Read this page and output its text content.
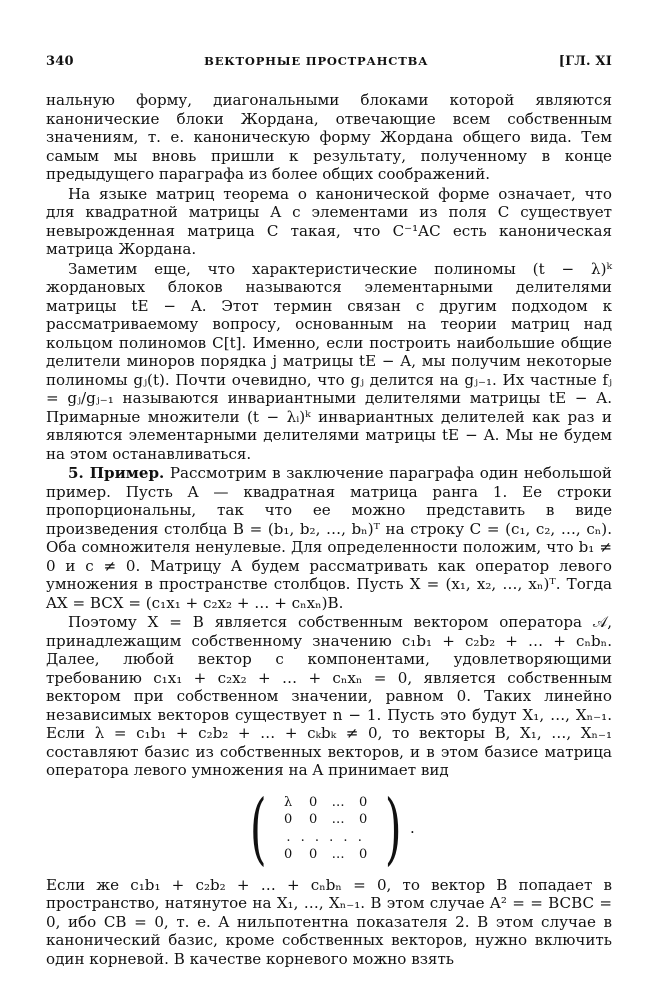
340	ВЕКТОРНЫЕ ПРОСТРАНСТВА	[ГЛ. XI

нальную форму, диагональными блоками которой являются канонические блоки Жордана, отвечающие всем собственным значениям, т. е. каноническую форму Жордана общего вида. Тем самым мы вновь пришли к результату, полученному в конце предыдущего параграфа из более общих соображений.

На языке матриц теорема о канонической форме означает, что для квадратной матрицы A с элементами из поля C существует невырожденная матрица C такая, что C⁻¹AC есть каноническая матрица Жордана.

Заметим еще, что характеристические полиномы (t − λ)ᵏ жордановых блоков называются элементарными делителями матрицы tE − A. Этот термин связан с другим подходом к рассматриваемому вопросу, основанным на теории матриц над кольцом полиномов C[t]. Именно, если построить наибольшие общие делители миноров порядка j матрицы tE − A, мы получим некоторые полиномы gⱼ(t). Почти очевидно, что gⱼ делится на gⱼ₋₁. Их частные fⱼ = gⱼ/gⱼ₋₁ называются инвариантными делителями матрицы tE − A. Примарные множители (t − λᵢ)ᵏ инвариантных делителей как раз и являются элементарными делителями матрицы tE − A. Мы не будем на этом останавливаться.

5. Пример. Рассмотрим в заключение параграфа один небольшой пример. Пусть A — квадратная матрица ранга 1. Ее строки пропорциональны, так что ее можно представить в виде произведения столбца B = (b₁, b₂, …, bₙ)ᵀ на строку C = (c₁, c₂, …, cₙ). Оба сомножителя ненулевые. Для определенности положим, что b₁ ≠ 0 и c ≠ 0. Матрицу A будем рассматривать как оператор левого умножения в пространстве столбцов. Пусть X = (x₁, x₂, …, xₙ)ᵀ. Тогда AX = BCX = (c₁x₁ + c₂x₂ + … + cₙxₙ)B.

Поэтому X = B является собственным вектором оператора 𝒜, принадлежащим собственному значению c₁b₁ + c₂b₂ + … + cₙbₙ. Далее, любой вектор с компонентами, удовлетворяющими требованию c₁x₁ + c₂x₂ + … + cₙxₙ = 0, является собственным вектором при собственном значении, равном 0. Таких линейно независимых векторов существует n − 1. Пусть это будут X₁, …, Xₙ₋₁. Если λ = c₁b₁ + c₂b₂ + … + cₖbₖ ≠ 0, то векторы B, X₁, …, Xₙ₋₁ составляют базис из собственных векторов, и в этом базисе матрица оператора левого умножения на A принимает вид

(	λ	0	…	0
0	0	…	0
. . . . . .
0	0	…	0 ) .

Если же c₁b₁ + c₂b₂ + … + cₙbₙ = 0, то вектор B попадает в пространство, натянутое на X₁, …, Xₙ₋₁. В этом случае A² = = BCBC = 0, ибо CB = 0, т. е. A нильпотентна показателя 2. В этом случае в канонический базис, кроме собственных векторов, нужно включить один корневой. В качестве корневого можно взять
